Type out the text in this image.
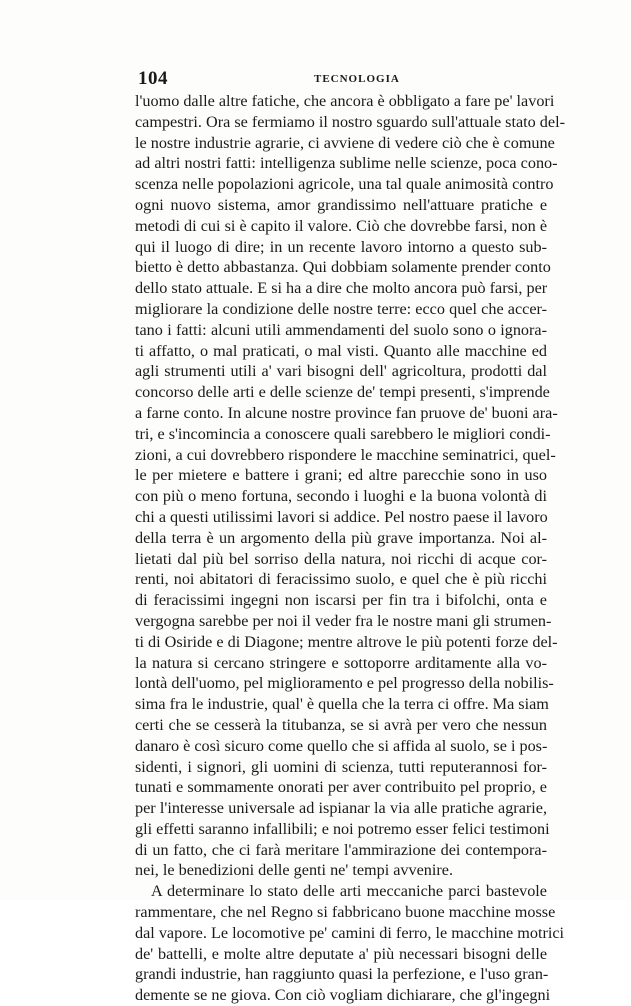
104	TECNOLOGIA
l'uomo dalle altre fatiche, che ancora è obbligato a fare pe' lavori
campestri. Ora se fermiamo il nostro sguardo sull'attuale stato del-
le nostre industrie agrarie, ci avviene di vedere ciò che è comune
ad altri nostri fatti: intelligenza sublime nelle scienze, poca cono-
scenza nelle popolazioni agricole, una tal quale animosità contro
ogni nuovo sistema, amor grandissimo nell'attuare pratiche e
metodi di cui si è capito il valore. Ciò che dovrebbe farsi, non è
qui il luogo di dire; in un recente lavoro intorno a questo sub-
bietto è detto abbastanza. Qui dobbiam solamente prender conto
dello stato attuale. E si ha a dire che molto ancora può farsi, per
migliorare la condizione delle nostre terre: ecco quel che accer-
tano i fatti: alcuni utili ammendamenti del suolo sono o ignora-
ti affatto, o mal praticati, o mal visti. Quanto alle macchine ed
agli strumenti utili a' vari bisogni dell' agricoltura, prodotti dal
concorso delle arti e delle scienze de' tempi presenti, s'imprende
a farne conto. In alcune nostre province fan pruove de' buoni ara-
tri, e s'incomincia a conoscere quali sarebbero le migliori condi-
zioni, a cui dovrebbero rispondere le macchine seminatrici, quel-
le per mietere e battere i grani; ed altre parecchie sono in uso
con più o meno fortuna, secondo i luoghi e la buona volontà di
chi a questi utilissimi lavori si addice. Pel nostro paese il lavoro
della terra è un argomento della più grave importanza. Noi al-
lietati dal più bel sorriso della natura, noi ricchi di acque cor-
renti, noi abitatori di feracissimo suolo, e quel che è più ricchi
di feracissimi ingegni non iscarsi per fin tra i bifolchi, onta e
vergogna sarebbe per noi il veder fra le nostre mani gli strumen-
ti di Osiride e di Diagone; mentre altrove le più potenti forze del-
la natura si cercano stringere e sottoporre arditamente alla vo-
lontà dell'uomo, pel miglioramento e pel progresso della nobilis-
sima fra le industrie, qual' è quella che la terra ci offre. Ma siam
certi che se cesserà la titubanza, se si avrà per vero che nessun
danaro è così sicuro come quello che si affida al suolo, se i pos-
sidenti, i signori, gli uomini di scienza, tutti reputerannosi for-
tunati e sommamente onorati per aver contribuito pel proprio, e
per l'interesse universale ad ispianar la via alle pratiche agrarie,
gli effetti saranno infallibili; e noi potremo esser felici testimoni
di un fatto, che ci farà meritare l'ammirazione dei contempora-
nei, le benedizioni delle genti ne' tempi avvenire.
A determinare lo stato delle arti meccaniche parci bastevole
rammentare, che nel Regno si fabbricano buone macchine mosse
dal vapore. Le locomotive pe' camini di ferro, le macchine motrici
de' battelli, e molte altre deputate a' più necessari bisogni delle
grandi industrie, han raggiunto quasi la perfezione, e l'uso gran-
demente se ne giova. Con ciò vogliam dichiarare, che gl'ingegni
